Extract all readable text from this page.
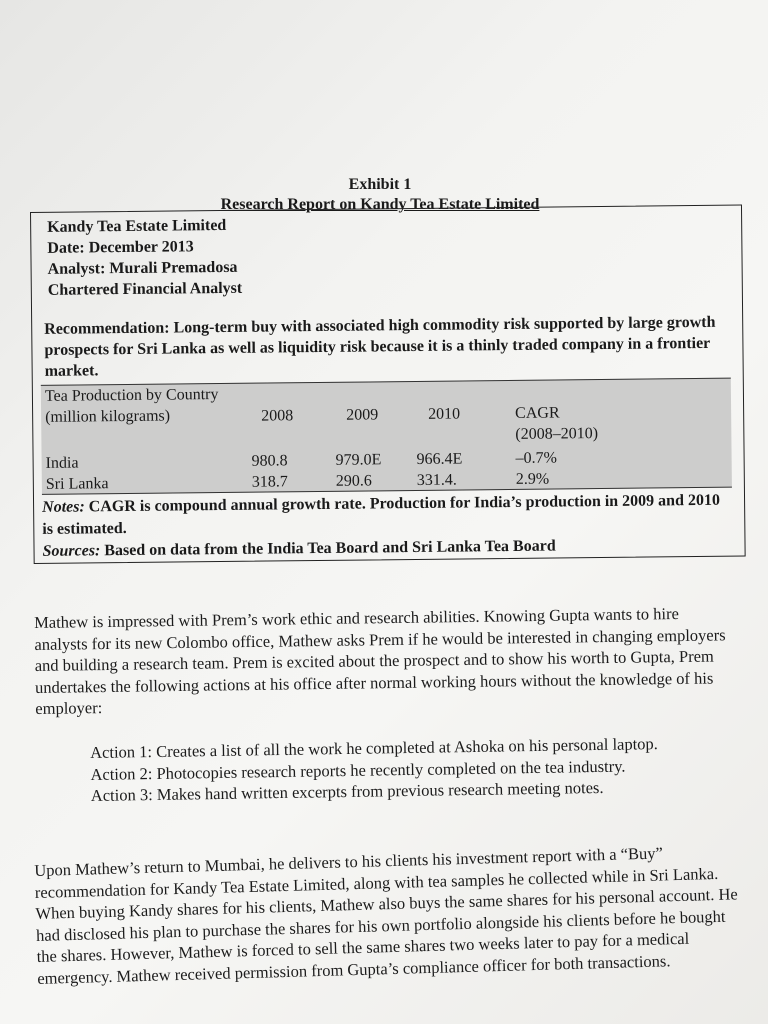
Exhibit 1
Research Report on Kandy Tea Estate Limited
Kandy Tea Estate Limited
Date: December 2013
Analyst: Murali Premadosa
Chartered Financial Analyst
Recommendation: Long-term buy with associated high commodity risk supported by large growth prospects for Sri Lanka as well as liquidity risk because it is a thinly traded company in a frontier market.
Tea Production by Country
(million kilograms)	2008	2009	2010	CAGR
(2008–2010)
India	980.8	979.0E 966.4E	–0.7%
Sri Lanka	318.7	290.6	331.4.	2.9%
Notes: CAGR is compound annual growth rate. Production for India’s production in 2009 and 2010 is estimated.
Sources: Based on data from the India Tea Board and Sri Lanka Tea Board
Mathew is impressed with Prem’s work ethic and research abilities. Knowing Gupta wants to hire analysts for its new Colombo office, Mathew asks Prem if he would be interested in changing employers and building a research team. Prem is excited about the prospect and to show his worth to Gupta, Prem undertakes the following actions at his office after normal working hours without the knowledge of his employer:
Action 1: Creates a list of all the work he completed at Ashoka on his personal laptop.
Action 2: Photocopies research reports he recently completed on the tea industry.
Action 3: Makes hand written excerpts from previous research meeting notes.
Upon Mathew’s return to Mumbai, he delivers to his clients his investment report with a “Buy” recommendation for Kandy Tea Estate Limited, along with tea samples he collected while in Sri Lanka. When buying Kandy shares for his clients, Mathew also buys the same shares for his personal account. He had disclosed his plan to purchase the shares for his own portfolio alongside his clients before he bought the shares. However, Mathew is forced to sell the same shares two weeks later to pay for a medical emergency. Mathew received permission from Gupta’s compliance officer for both transactions.
